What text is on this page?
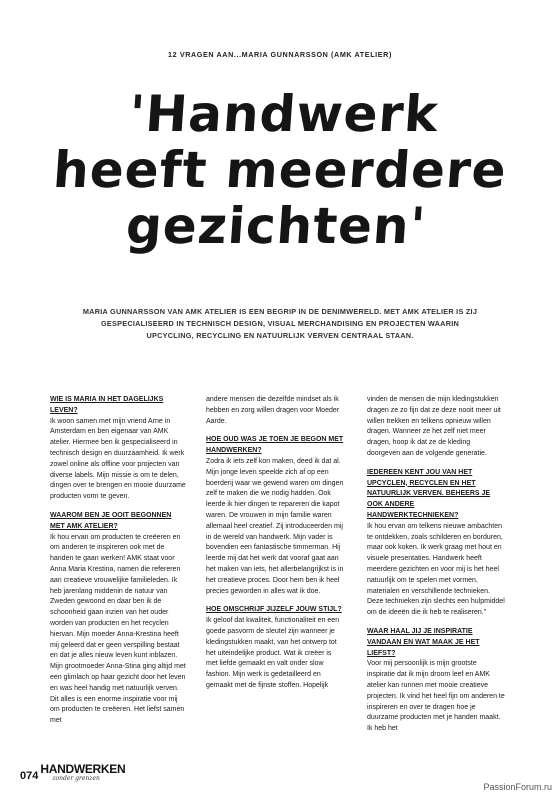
12 VRAGEN AAN...MARIA GUNNARSSON (AMK ATELIER)
'Handwerk
heeft meerdere
gezichten'
MARIA GUNNARSSON VAN AMK ATELIER IS EEN BEGRIP IN DE DENIMWERELD. MET AMK ATELIER IS ZIJ GESPECIALISEERD IN TECHNISCH DESIGN, VISUAL MERCHANDISING EN PROJECTEN WAARIN UPCYCLING, RECYCLING EN NATUURLIJK VERVEN CENTRAAL STAAN.
WIE IS MARIA IN HET DAGELIJKS LEVEN?

Ik woon samen met mijn vriend Arne in Amsterdam en ben eigenaar van AMK atelier. Hiermee ben ik gespecialiseerd in technisch design en duurzaamheid. Ik werk zowel online als offline voor projecten van diverse labels. Mijn missie is om te delen, dingen over te brengen en mooie duurzame producten vorm te geven.

WAAROM BEN JE OOIT BEGONNEN MET AMK ATELIER?

Ik hou ervan om producten te creëeren en om anderen te inspireren ook met de handen te gaan werken! AMK staat voor Anna Maria Krestina, namen die refereren aan creatieve vrouwelijke familieleden. Ik heb jarenlang middenin de natuur van Zweden gewoond en daar ben ik de schoonheid gaan inzien van het ouder worden van producten en het recyclen hiervan. Mijn moeder Anna-Krestina heeft mij geleerd dat er geen verspilling bestaat en dat je alles nieuw leven kunt inblazen. Mijn grootmoeder Anna-Stina ging altijd met een glimlach op haar gezicht door het leven en was heel handig met natuurlijk verven. Dit alles is een enorme inspiratie voor mij om producten te creëeren. Het liefst samen met

andere mensen die dezelfde mindset als ik hebben en zorg willen dragen voor Moeder Aarde.

HOE OUD WAS JE TOEN JE BEGON MET HANDWERKEN?

Zodra ik iets zelf kon maken, deed ik dat al. Mijn jonge leven speelde zich af op een boerderij waar we gewend waren om dingen zelf te maken die we nodig hadden. Ook leerde ik hier dingen te repareren die kapot waren. De vrouwen in mijn familie waren allemaal heel creatief. Zij introduceerden mij in de wereld van handwerk. Mijn vader is bovendien een fantastische timmerman. Hij leerde mij dat het werk dat vooraf gaat aan het maken van iets, het allerbelangrijkst is in het creatieve proces. Door hem ben ik heel precies geworden in alles wat ik doe.

HOE OMSCHRIJF JIJZELF JOUW STIJL?

Ik geloof dat kwaliteit, functionaliteit en een goede pasvorm de sleutel zijn wanneer je kledingstukken maakt, van het ontwerp tot het uiteindelijke product. Wat ik creëer is met liefde gemaakt en valt onder slow fashion. Mijn werk is gedetailleerd en gemaakt met de fijnste stoffen. Hopelijk

vinden de mensen die mijn kledingstukken dragen ze zo fijn dat ze deze nooit meer uit willen trekken en telkens opnieuw willen dragen. Wanneer ze het zelf niet meer dragen, hoop ik dat ze de kleding doorgeven aan de volgende generatie.

IEDEREEN KENT JOU VAN HET UPCYCLEN, RECYCLEN EN HET NATUURLIJK VERVEN. BEHEERS JE OOK ANDERE HANDWERKTECHNIEKEN?

Ik hou ervan om telkens nieuwe ambachten te ontdekken, zoals schilderen en borduren, maar ook koken. Ik werk graag met hout en visuele presentaties. Handwerk heeft meerdere gezichten en voor mij is het heel natuurlijk om te spelen met vormen, materialen en verschillende technieken. Deze technieken zijn slechts een hulpmiddel om de ideeën die ik heb te realiseren."

WAAR HAAL JIJ JE INSPIRATIE VANDAAN EN WAT MAAK JE HET LIEFST?

Voor mij persoonlijk is mijn grootste inspiratie dat ik mijn droom leef en AMK atelier kan runnen met mooie creatieve projecten. Ik vind het heel fijn om anderen te inspireren en over te dragen hoe je duurzame producten met je handen maakt. Ik heb het

074 HANDWERKEN
zonder grenzen
PassionForum.ru
